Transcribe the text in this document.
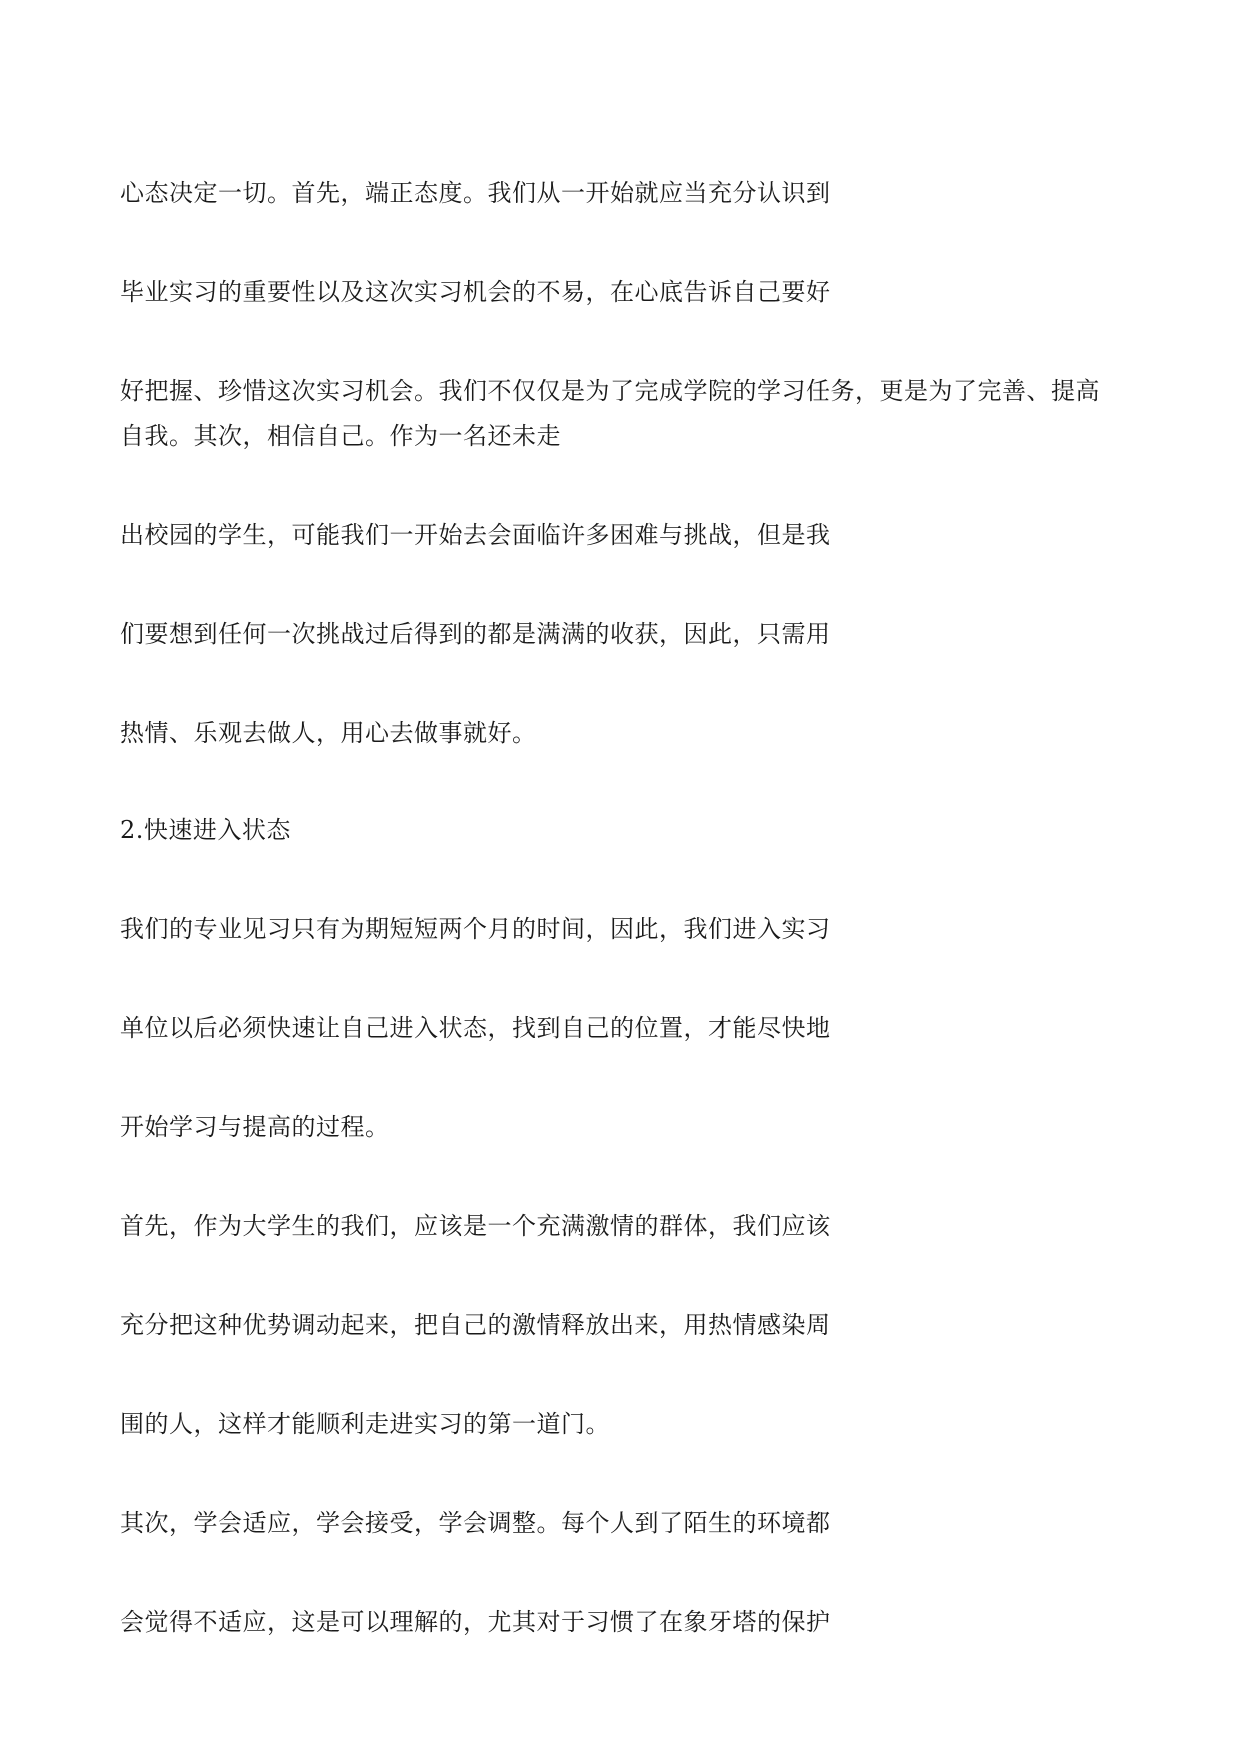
心态决定一切。首先，端正态度。我们从一开始就应当充分认识到

毕业实习的重要性以及这次实习机会的不易，在心底告诉自己要好

好把握、珍惜这次实习机会。我们不仅仅是为了完成学院的学习任务，更是为了完善、提高

自我。其次，相信自己。作为一名还未走

出校园的学生，可能我们一开始去会面临许多困难与挑战，但是我

们要想到任何一次挑战过后得到的都是满满的收获，因此，只需用

热情、乐观去做人，用心去做事就好。

2.快速进入状态

我们的专业见习只有为期短短两个月的时间，因此，我们进入实习

单位以后必须快速让自己进入状态，找到自己的位置，才能尽快地

开始学习与提高的过程。

首先，作为大学生的我们，应该是一个充满激情的群体，我们应该

充分把这种优势调动起来，把自己的激情释放出来，用热情感染周

围的人，这样才能顺利走进实习的第一道门。

其次，学会适应，学会接受，学会调整。每个人到了陌生的环境都

会觉得不适应，这是可以理解的，尤其对于习惯了在象牙塔的保护
